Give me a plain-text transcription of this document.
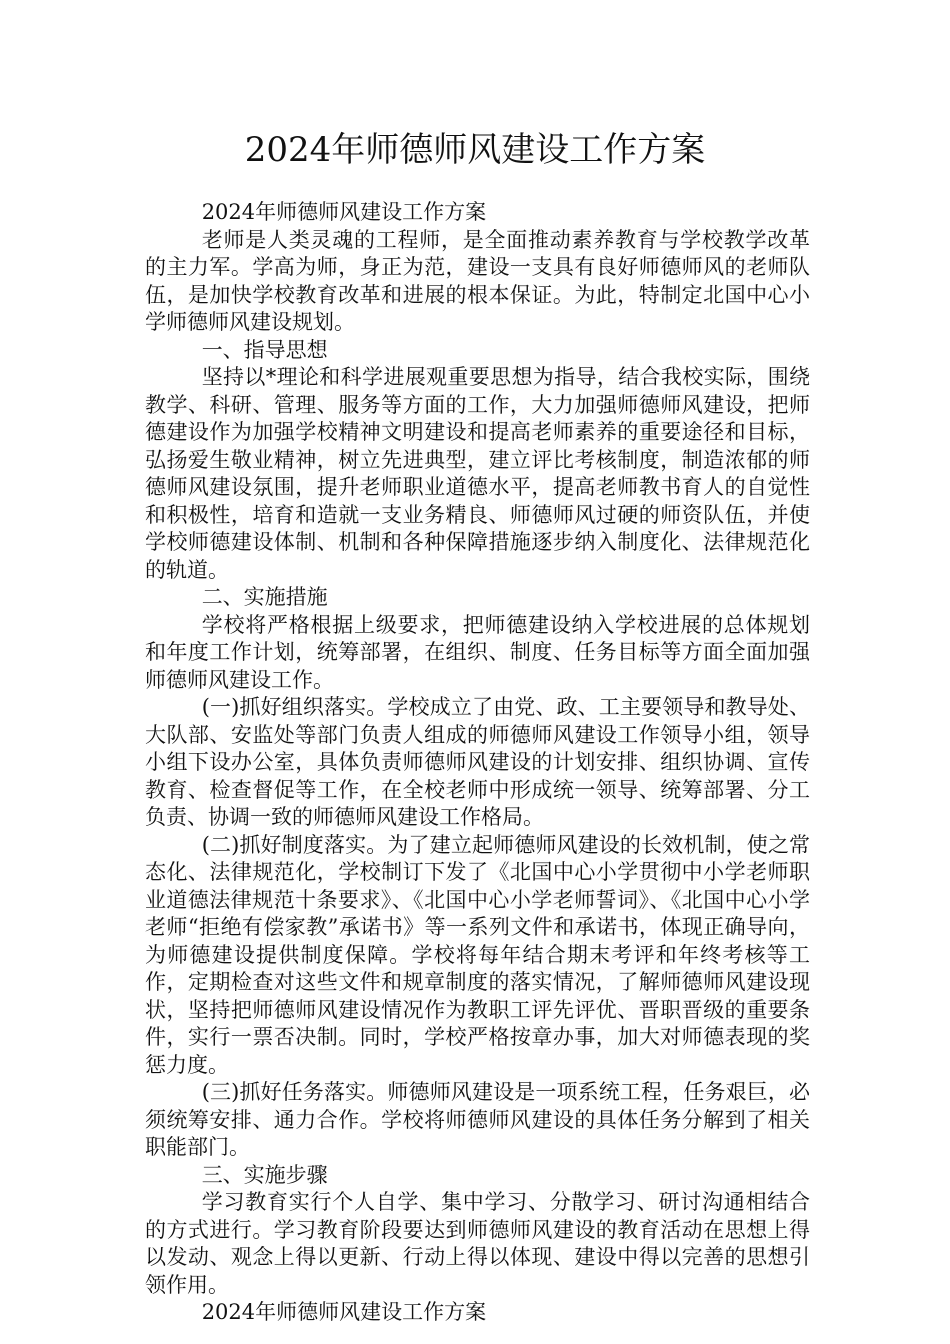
2024年师德师风建设工作方案

2024年师德师风建设工作方案

老师是人类灵魂的工程师，是全面推动素养教育与学校教学改革的主力军。学高为师，身正为范，建设一支具有良好师德师风的老师队伍，是加快学校教育改革和进展的根本保证。为此，特制定北国中心小学师德师风建设规划。

一、指导思想

坚持以*理论和科学进展观重要思想为指导，结合我校实际，围绕教学、科研、管理、服务等方面的工作，大力加强师德师风建设，把师德建设作为加强学校精神文明建设和提高老师素养的重要途径和目标，弘扬爱生敬业精神，树立先进典型，建立评比考核制度，制造浓郁的师德师风建设氛围，提升老师职业道德水平，提高老师教书育人的自觉性和积极性，培育和造就一支业务精良、师德师风过硬的师资队伍，并使学校师德建设体制、机制和各种保障措施逐步纳入制度化、法律规范化的轨道。

二、实施措施

学校将严格根据上级要求，把师德建设纳入学校进展的总体规划和年度工作计划，统筹部署，在组织、制度、任务目标等方面全面加强师德师风建设工作。

(一)抓好组织落实。学校成立了由党、政、工主要领导和教导处、大队部、安监处等部门负责人组成的师德师风建设工作领导小组，领导小组下设办公室，具体负责师德师风建设的计划安排、组织协调、宣传教育、检查督促等工作，在全校老师中形成统一领导、统筹部署、分工负责、协调一致的师德师风建设工作格局。

(二)抓好制度落实。为了建立起师德师风建设的长效机制，使之常态化、法律规范化，学校制订下发了《北国中心小学贯彻中小学老师职业道德法律规范十条要求》、《北国中心小学老师誓词》、《北国中心小学老师“拒绝有偿家教”承诺书》等一系列文件和承诺书，体现正确导向，为师德建设提供制度保障。学校将每年结合期末考评和年终考核等工作，定期检查对这些文件和规章制度的落实情况，了解师德师风建设现状，坚持把师德师风建设情况作为教职工评先评优、晋职晋级的重要条件，实行一票否决制。同时，学校严格按章办事，加大对师德表现的奖惩力度。

(三)抓好任务落实。师德师风建设是一项系统工程，任务艰巨，必须统筹安排、通力合作。学校将师德师风建设的具体任务分解到了相关职能部门。

三、实施步骤

学习教育实行个人自学、集中学习、分散学习、研讨沟通相结合的方式进行。学习教育阶段要达到师德师风建设的教育活动在思想上得以发动、观念上得以更新、行动上得以体现、建设中得以完善的思想引领作用。

2024年师德师风建设工作方案
